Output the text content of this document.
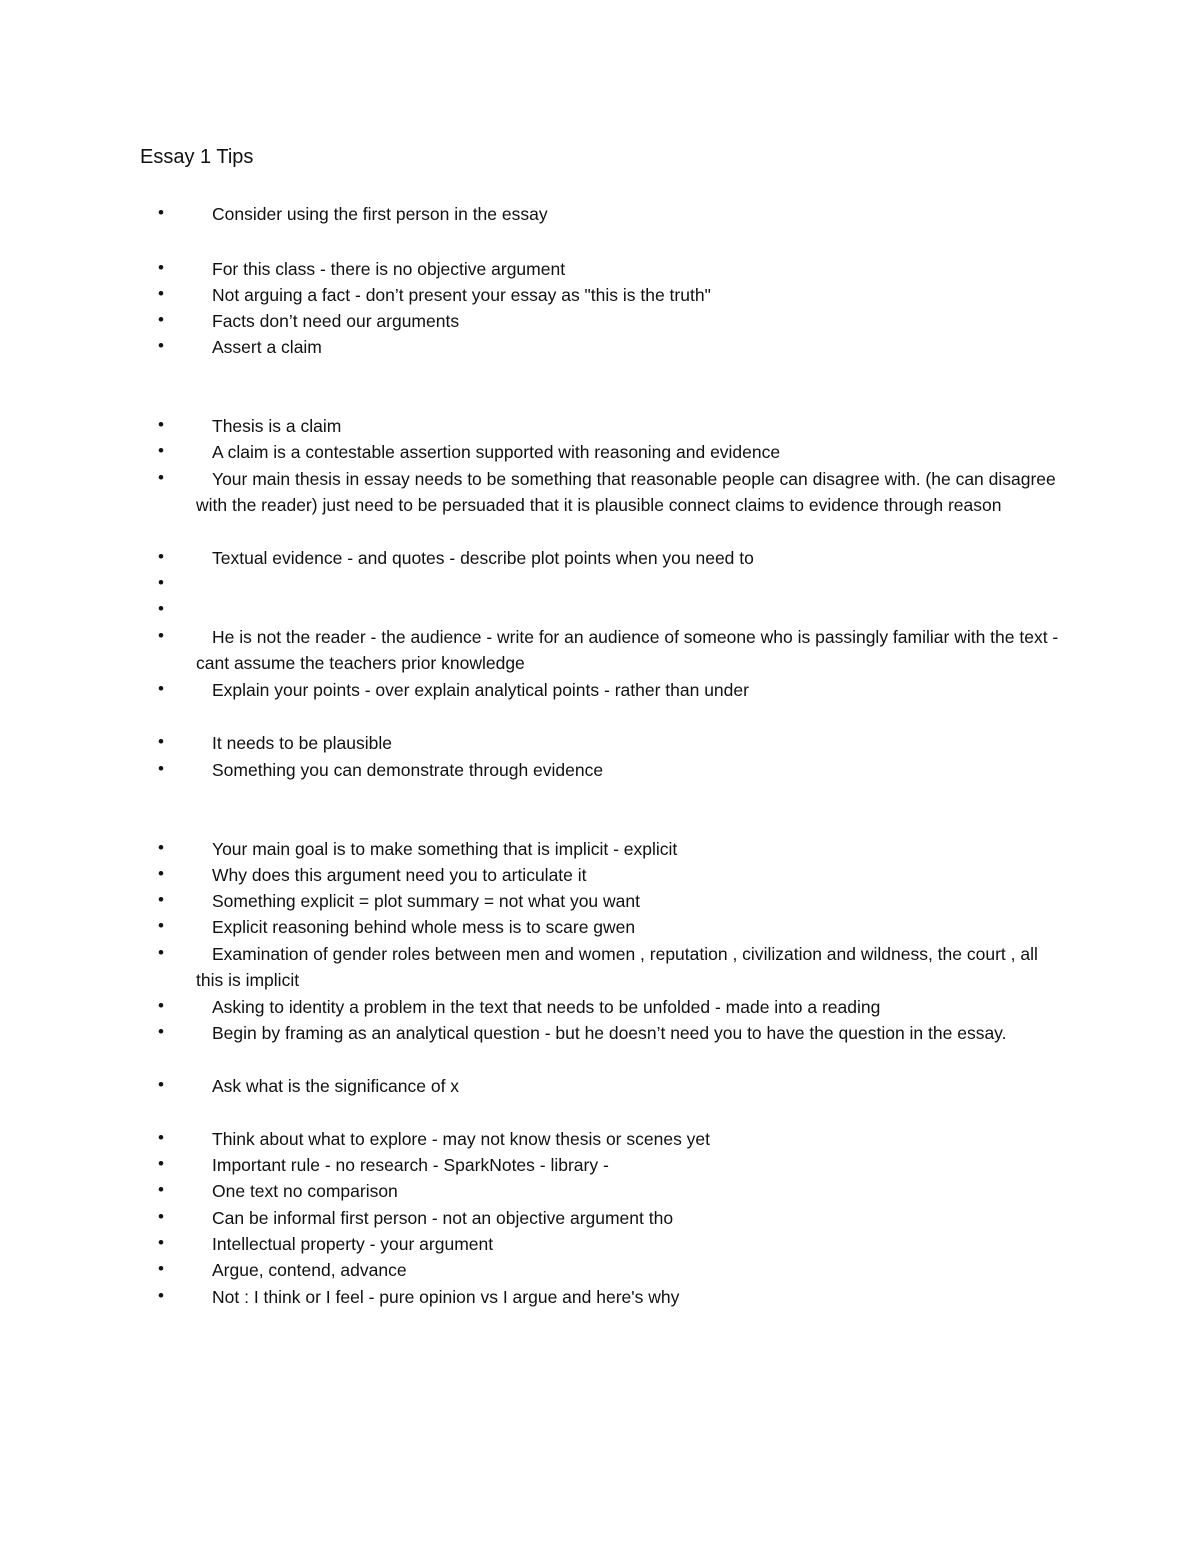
Essay 1 Tips
•	Consider using the first person in the essay
•	For this class - there is no objective argument
•	Not arguing a fact - don’t present your essay as "this is the truth"
•	Facts don’t need our arguments
•	Assert a claim
•	Thesis is a claim
•	A claim is a contestable assertion supported with reasoning and evidence
•	Your main thesis in essay needs to be something that reasonable people can disagree with. (he can disagree with the reader) just need to be persuaded that it is plausible connect claims to evidence through reason
•	Textual evidence - and quotes - describe plot points when you need to
•
•
•	He is not the reader - the audience - write for an audience of someone who is passingly familiar with the text - cant assume the teachers prior knowledge
•	Explain your points - over explain analytical points - rather than under
•	It needs to be plausible
•	Something you can demonstrate through evidence
•	Your main goal is to make something that is implicit - explicit
•	Why does this argument need you to articulate it
•	Something explicit = plot summary = not what you want
•	Explicit reasoning behind whole mess is to scare gwen
•	Examination of gender roles between men and women , reputation , civilization and wildness, the court , all this is implicit
•	Asking to identity a problem in the text that needs to be unfolded - made into a reading
•	Begin by framing as an analytical question - but he doesn’t need you to have the question in the essay.
•	Ask what is the significance of x
•	Think about what to explore - may not know thesis or scenes yet
•	Important rule - no research - SparkNotes - library -
•	One text no comparison
•	Can be informal first person - not an objective argument tho
•	Intellectual property - your argument
•	Argue, contend, advance
•	Not : I think or I feel - pure opinion vs I argue and here's why
